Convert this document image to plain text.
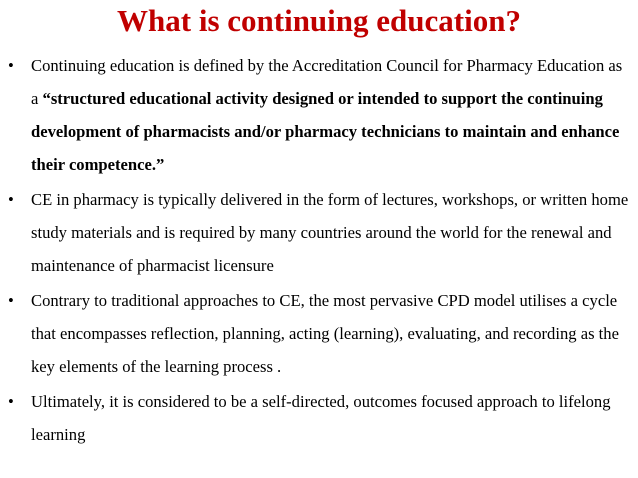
What is continuing education?
•	Continuing education is defined by the Accreditation Council for Pharmacy Education as a “structured educational activity designed or intended to support the continuing development of pharmacists and/or pharmacy technicians to maintain and enhance their competence.”
•	CE in pharmacy is typically delivered in the form of lectures, workshops, or written home study materials and is required by many countries around the world for the renewal and maintenance of pharmacist licensure
•	Contrary to traditional approaches to CE, the most pervasive CPD model utilises a cycle that encompasses reflection, planning, acting (learning), evaluating, and recording as the key elements of the learning process .
•	Ultimately, it is considered to be a self-directed, outcomes focused approach to lifelong learning
